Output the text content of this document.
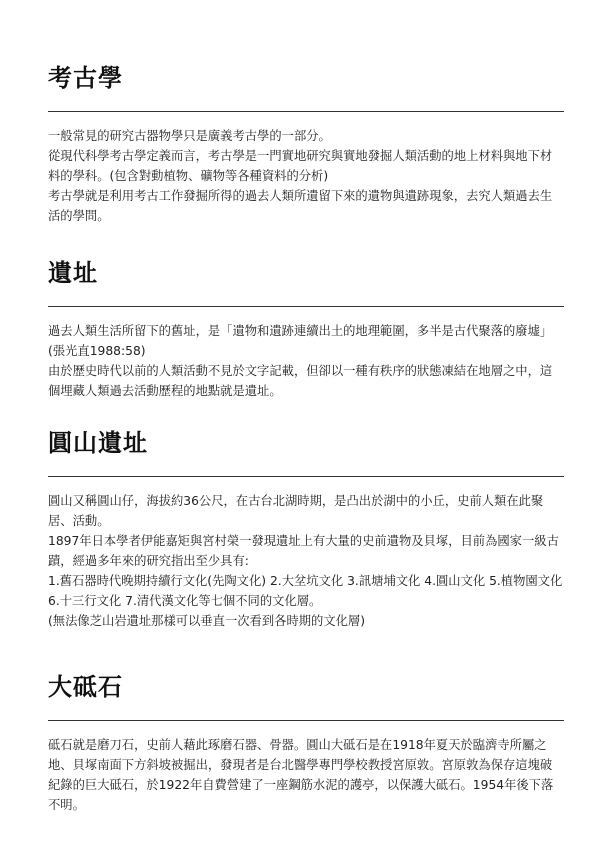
考古學

一般常見的研究古器物學只是廣義考古學的一部分。

從現代科學考古學定義而言，考古學是一門實地研究與實地發掘人類活動的地上材料與地下材料的學科。(包含對動植物、礦物等各種資料的分析)

考古學就是利用考古工作發掘所得的過去人類所遺留下來的遺物與遺跡現象，去究人類過去生活的學問。

遺址

過去人類生活所留下的舊址，是「遺物和遺跡連續出土的地理範圍，多半是古代聚落的廢墟」(張光直1988:58)

由於歷史時代以前的人類活動不見於文字記載，但卻以一種有秩序的狀態凍結在地層之中，這個埋藏人類過去活動歷程的地點就是遺址。

圓山遺址

圓山又稱圓山仔，海拔約36公尺，在古台北湖時期，是凸出於湖中的小丘，史前人類在此聚居、活動。

1897年日本學者伊能嘉矩與宮村榮一發現遺址上有大量的史前遺物及貝塚，目前為國家一級古蹟，經過多年來的研究指出至少具有:

1.舊石器時代晚期持續行文化(先陶文化) 2.大坌坑文化 3.訊塘埔文化 4.圓山文化 5.植物園文化 6.十三行文化 7.清代漢文化等七個不同的文化層。

(無法像芝山岩遺址那樣可以垂直一次看到各時期的文化層)

大砥石

砥石就是磨刀石，史前人藉此琢磨石器、骨器。圓山大砥石是在1918年夏天於臨濟寺所屬之地、貝塚南面下方斜坡被掘出，發現者是台北醫學專門學校教授宮原敦。宮原敦為保存這塊破紀錄的巨大砥石，於1922年自費營建了一座鋼筋水泥的護亭，以保護大砥石。1954年後下落不明。
